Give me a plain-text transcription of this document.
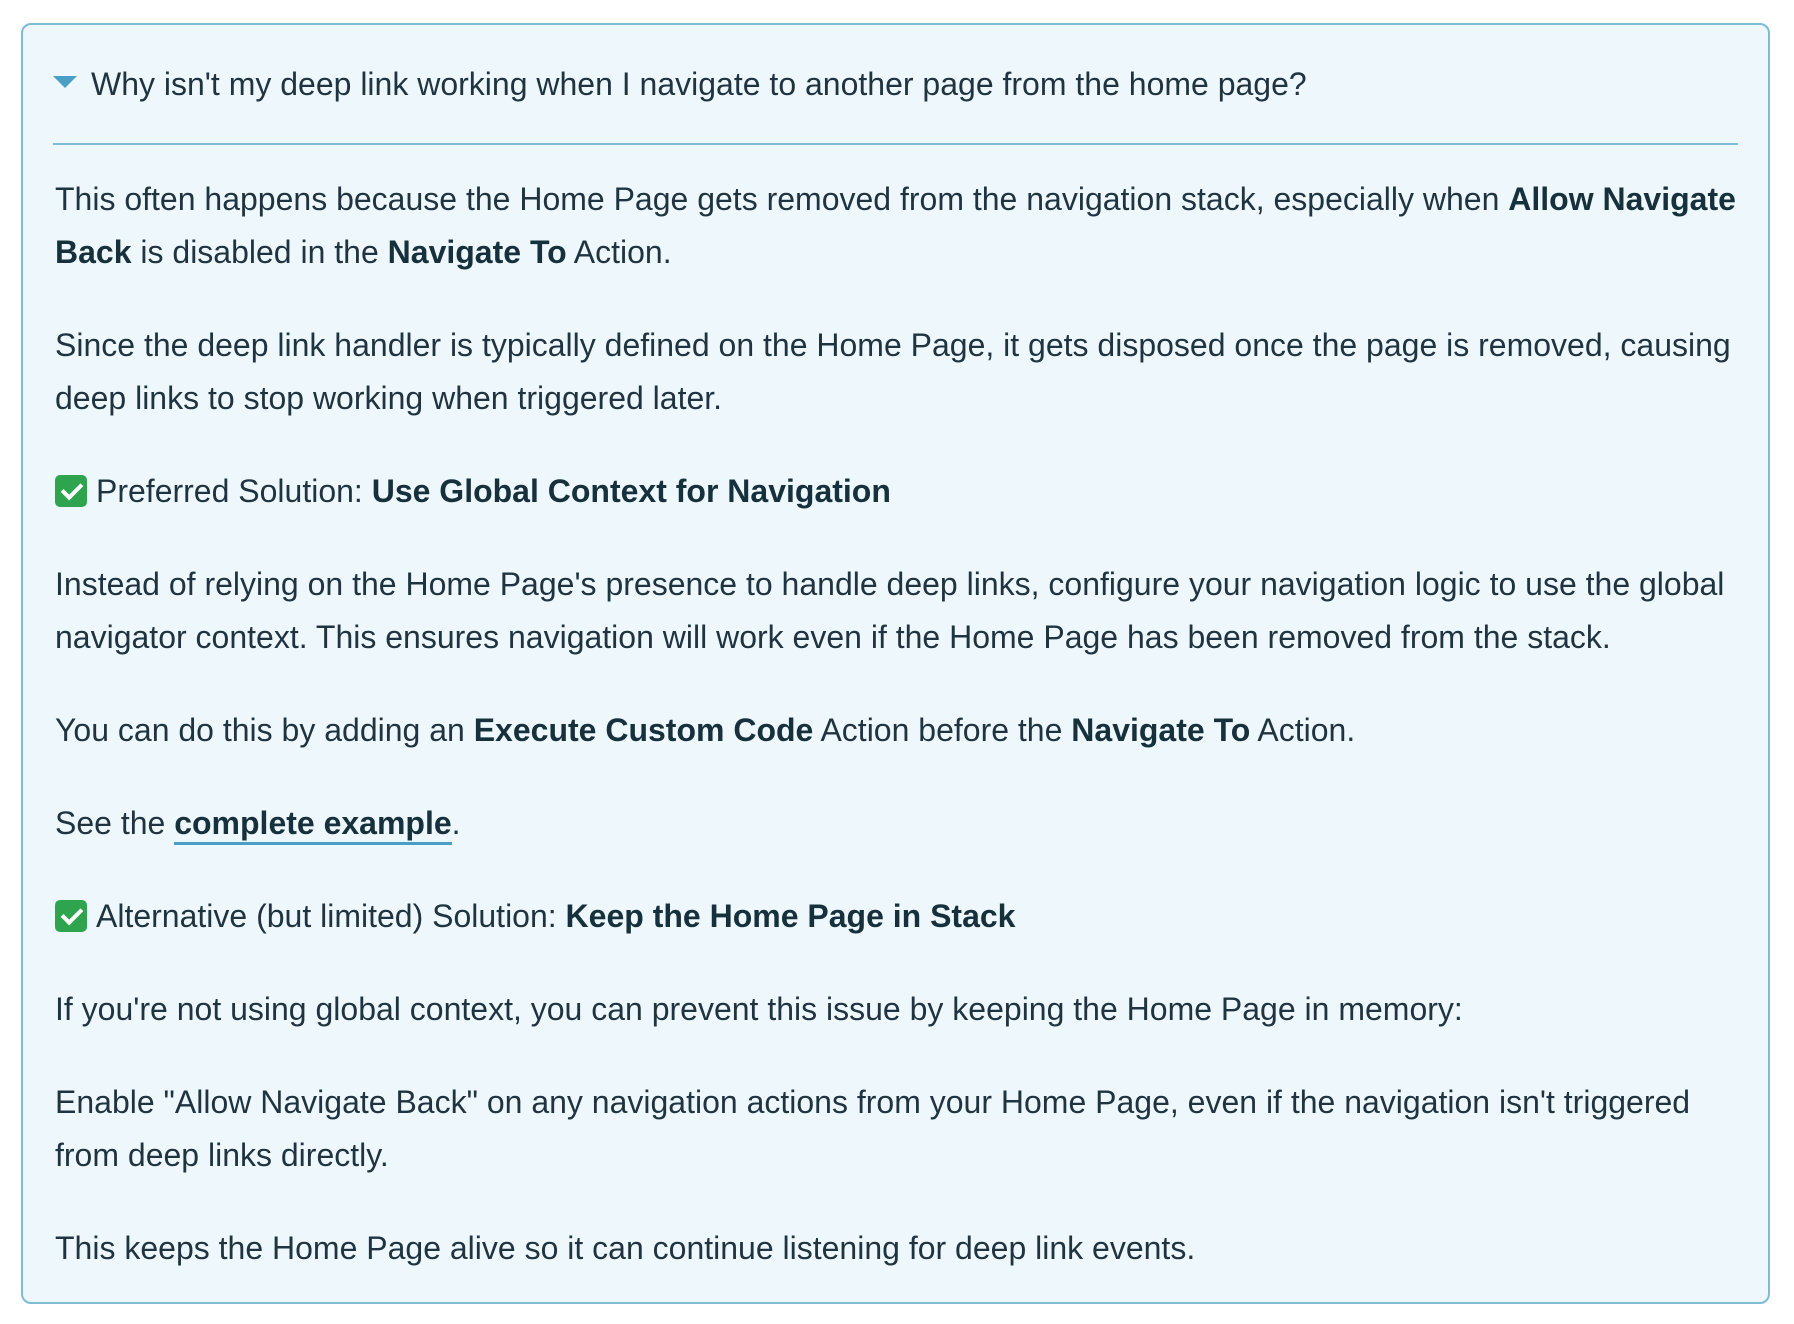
Why isn't my deep link working when I navigate to another page from the home page?

This often happens because the Home Page gets removed from the navigation stack, especially when Allow Navigate Back is disabled in the Navigate To Action.

Since the deep link handler is typically defined on the Home Page, it gets disposed once the page is removed, causing deep links to stop working when triggered later.

Preferred Solution: Use Global Context for Navigation

Instead of relying on the Home Page's presence to handle deep links, configure your navigation logic to use the global navigator context. This ensures navigation will work even if the Home Page has been removed from the stack.

You can do this by adding an Execute Custom Code Action before the Navigate To Action.

See the complete example.

Alternative (but limited) Solution: Keep the Home Page in Stack

If you're not using global context, you can prevent this issue by keeping the Home Page in memory:

Enable "Allow Navigate Back" on any navigation actions from your Home Page, even if the navigation isn't triggered from deep links directly.

This keeps the Home Page alive so it can continue listening for deep link events.
